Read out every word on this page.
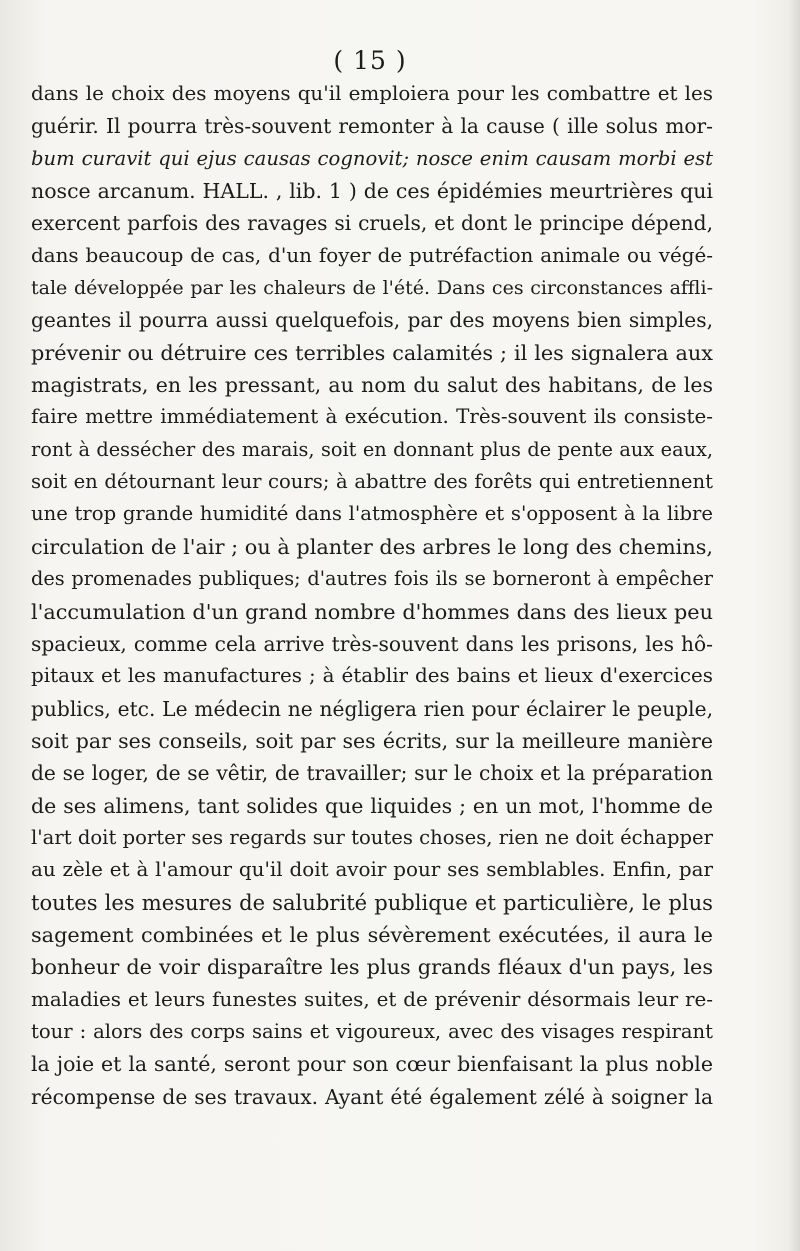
( 15 )
dans le choix des moyens qu'il emploiera pour les combattre et les
guérir. Il pourra très-souvent remonter à la cause ( ille solus mor-
bum curavit qui ejus causas cognovit; nosce enim causam morbi est
nosce arcanum. HALL. , lib. 1 ) de ces épidémies meurtrières qui
exercent parfois des ravages si cruels, et dont le principe dépend,
dans beaucoup de cas, d'un foyer de putréfaction animale ou végé-
tale développée par les chaleurs de l'été. Dans ces circonstances affli-
geantes il pourra aussi quelquefois, par des moyens bien simples,
prévenir ou détruire ces terribles calamités ; il les signalera aux
magistrats, en les pressant, au nom du salut des habitans, de les
faire mettre immédiatement à exécution. Très-souvent ils consiste-
ront à dessécher des marais, soit en donnant plus de pente aux eaux,
soit en détournant leur cours; à abattre des forêts qui entretiennent
une trop grande humidité dans l'atmosphère et s'opposent à la libre
circulation de l'air ; ou à planter des arbres le long des chemins,
des promenades publiques; d'autres fois ils se borneront à empêcher
l'accumulation d'un grand nombre d'hommes dans des lieux peu
spacieux, comme cela arrive très-souvent dans les prisons, les hô-
pitaux et les manufactures ; à établir des bains et lieux d'exercices
publics, etc. Le médecin ne négligera rien pour éclairer le peuple,
soit par ses conseils, soit par ses écrits, sur la meilleure manière
de se loger, de se vêtir, de travailler; sur le choix et la préparation
de ses alimens, tant solides que liquides ; en un mot, l'homme de
l'art doit porter ses regards sur toutes choses, rien ne doit échapper
au zèle et à l'amour qu'il doit avoir pour ses semblables. Enfin, par
toutes les mesures de salubrité publique et particulière, le plus
sagement combinées et le plus sévèrement exécutées, il aura le
bonheur de voir disparaître les plus grands fléaux d'un pays, les
maladies et leurs funestes suites, et de prévenir désormais leur re-
tour : alors des corps sains et vigoureux, avec des visages respirant
la joie et la santé, seront pour son cœur bienfaisant la plus noble
récompense de ses travaux. Ayant été également zélé à soigner la
